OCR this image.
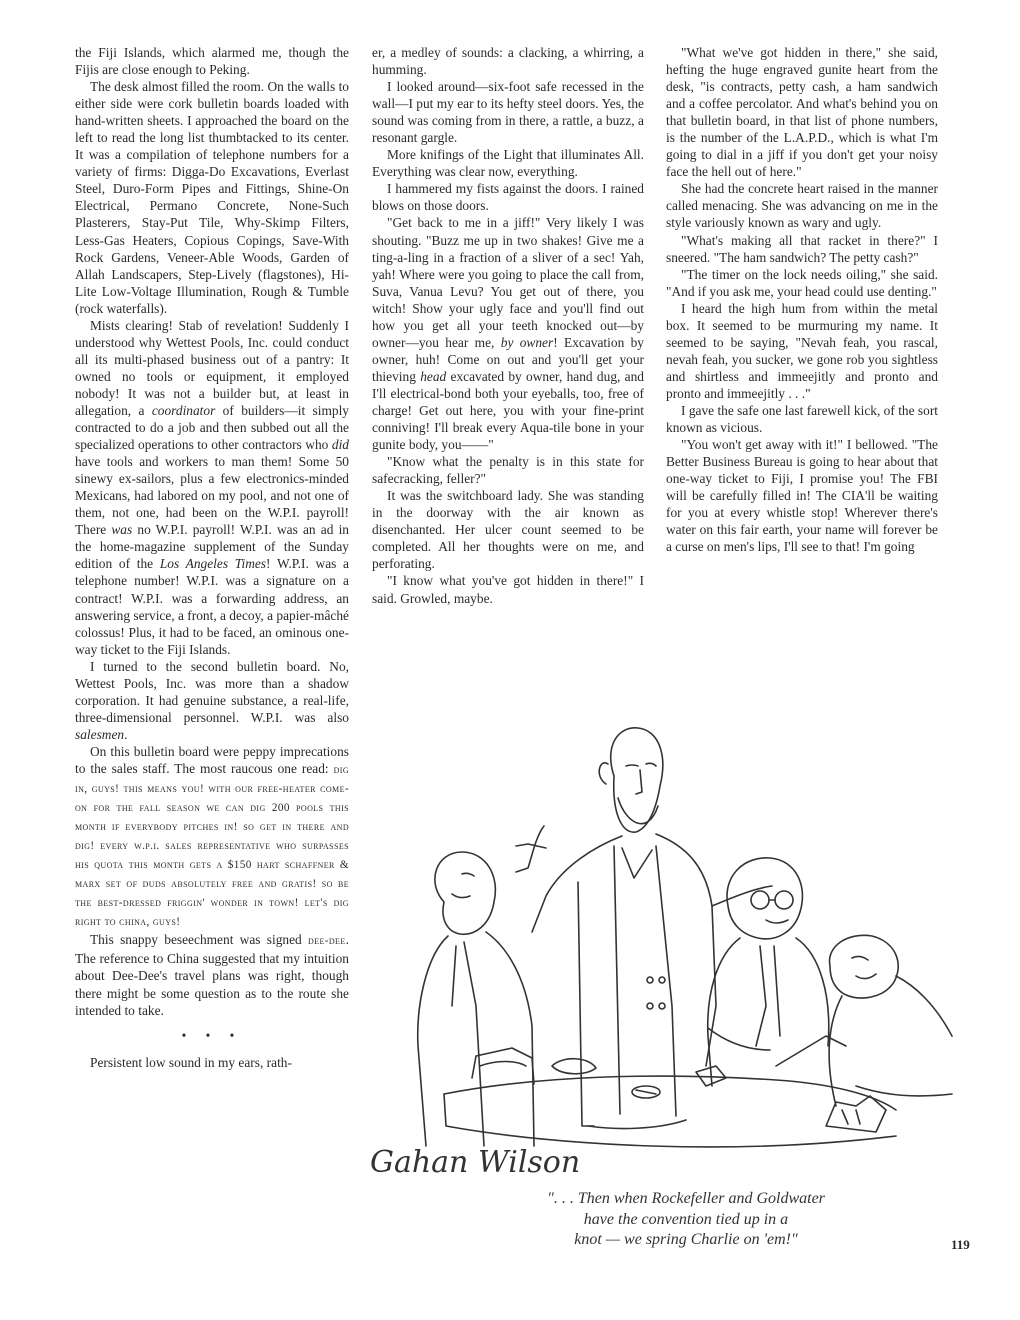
the Fiji Islands, which alarmed me, though the Fijis are close enough to Peking.

The desk almost filled the room. On the walls to either side were cork bulletin boards loaded with hand-written sheets. I approached the board on the left to read the long list thumbtacked to its center. It was a compilation of telephone numbers for a variety of firms: Digga-Do Excavations, Everlast Steel, Duro-Form Pipes and Fittings, Shine-On Electrical, Permano Concrete, None-Such Plasterers, Stay-Put Tile, Why-Skimp Filters, Less-Gas Heaters, Copious Copings, Save-With Rock Gardens, Veneer-Able Woods, Garden of Allah Landscapers, Step-Lively (flagstones), Hi-Lite Low-Voltage Illumination, Rough & Tumble (rock waterfalls).

Mists clearing! Stab of revelation! Suddenly I understood why Wettest Pools, Inc. could conduct all its multi-phased business out of a pantry: It owned no tools or equipment, it employed nobody! It was not a builder but, at least in allegation, a coordinator of builders—it simply contracted to do a job and then subbed out all the specialized operations to other contractors who did have tools and workers to man them! Some 50 sinewy ex-sailors, plus a few electronics-minded Mexicans, had labored on my pool, and not one of them, not one, had been on the W.P.I. payroll! There was no W.P.I. payroll! W.P.I. was an ad in the home-magazine supplement of the Sunday edition of the Los Angeles Times! W.P.I. was a telephone number! W.P.I. was a signature on a contract! W.P.I. was a forwarding address, an answering service, a front, a decoy, a papier-mâché colossus! Plus, it had to be faced, an ominous one-way ticket to the Fiji Islands.

I turned to the second bulletin board. No, Wettest Pools, Inc. was more than a shadow corporation. It had genuine substance, a real-life, three-dimensional personnel. W.P.I. was also salesmen.

On this bulletin board were peppy imprecations to the sales staff. The most raucous one read: dig in, guys! this means you! with our free-heater come-on for the fall season we can dig 200 pools this month if everybody pitches in! so get in there and dig! every w.p.i. sales representative who surpasses his quota this month gets a $150 hart schaffner & marx set of duds absolutely free and gratis! so be the best-dressed friggin' wonder in town! let's dig right to china, guys!

This snappy beseechment was signed dee-dee. The reference to China suggested that my intuition about Dee-Dee's travel plans was right, though there might be some question as to the route she intended to take.

• • •

Persistent low sound in my ears, rath-

er, a medley of sounds: a clacking, a whirring, a humming.

I looked around—six-foot safe recessed in the wall—I put my ear to its hefty steel doors. Yes, the sound was coming from in there, a rattle, a buzz, a resonant gargle.

More knifings of the Light that illuminates All. Everything was clear now, everything.

I hammered my fists against the doors. I rained blows on those doors.

"Get back to me in a jiff!" Very likely I was shouting. "Buzz me up in two shakes! Give me a ting-a-ling in a fraction of a sliver of a sec! Yah, yah! Where were you going to place the call from, Suva, Vanua Levu? You get out of there, you witch! Show your ugly face and you'll find out how you get all your teeth knocked out—by owner—you hear me, by owner! Excavation by owner, huh! Come on out and you'll get your thieving head excavated by owner, hand dug, and I'll electrical-bond both your eyeballs, too, free of charge! Get out here, you with your fine-print conniving! I'll break every Aqua-tile bone in your gunite body, you——"

"Know what the penalty is in this state for safecracking, feller?"

It was the switchboard lady. She was standing in the doorway with the air known as disenchanted. Her ulcer count seemed to be completed. All her thoughts were on me, and perforating.

"I know what you've got hidden in there!" I said. Growled, maybe.

"What we've got hidden in there," she said, hefting the huge engraved gunite heart from the desk, "is contracts, petty cash, a ham sandwich and a coffee percolator. And what's behind you on that bulletin board, in that list of phone numbers, is the number of the L.A.P.D., which is what I'm going to dial in a jiff if you don't get your noisy face the hell out of here."

She had the concrete heart raised in the manner called menacing. She was advancing on me in the style variously known as wary and ugly.

"What's making all that racket in there?" I sneered. "The ham sandwich? The petty cash?"

"The timer on the lock needs oiling," she said. "And if you ask me, your head could use denting."

I heard the high hum from within the metal box. It seemed to be murmuring my name. It seemed to be saying, "Nevah feah, you rascal, nevah feah, you sucker, we gone rob you sightless and shirtless and immeejitly and pronto and pronto and immeejitly . . ."

I gave the safe one last farewell kick, of the sort known as vicious.

"You won't get away with it!" I bellowed. "The Better Business Bureau is going to hear about that one-way ticket to Fiji, I promise you! The FBI will be carefully filled in! The CIA'll be waiting for you at every whistle stop! Wherever there's water on this fair earth, your name will forever be a curse on men's lips, I'll see to that! I'm going

Gahan Wilson
". . . Then when Rockefeller and Goldwater
have the convention tied up in a
knot — we spring Charlie on 'em!"	119
